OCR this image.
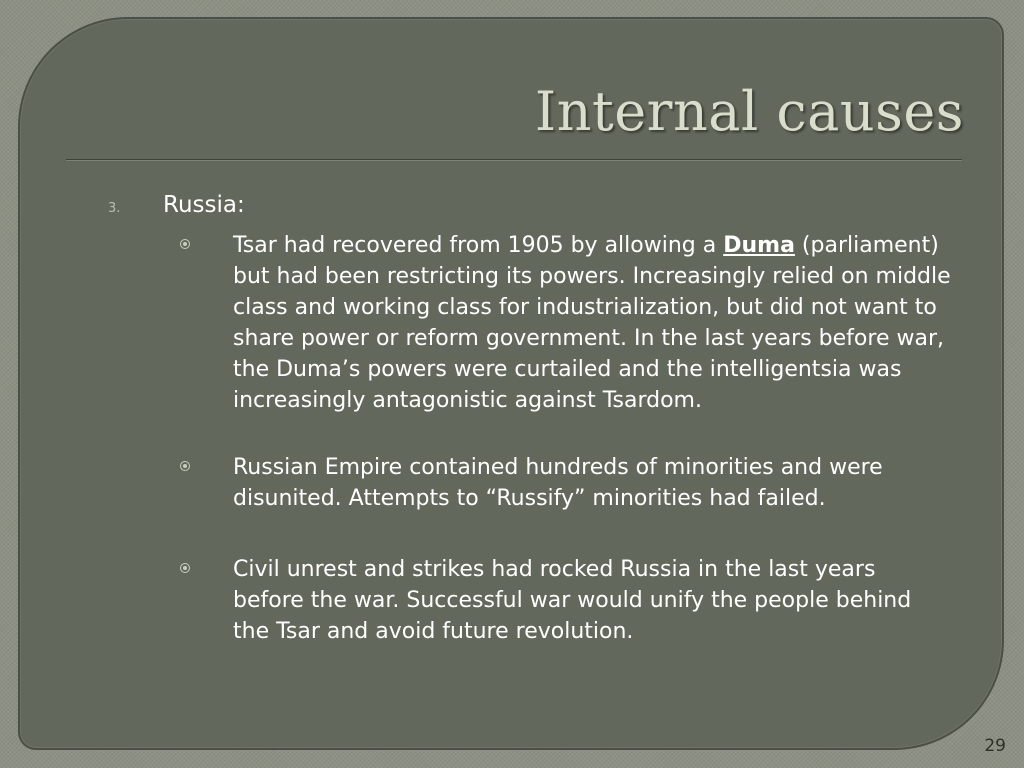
Internal causes
3. Russia:
Tsar had recovered from 1905 by allowing a Duma (parliament) but had been restricting its powers. Increasingly relied on middle class and working class for industrialization, but did not want to share power or reform government. In the last years before war, the Duma’s powers were curtailed and the intelligentsia was increasingly antagonistic against Tsardom.
Russian Empire contained hundreds of minorities and were disunited. Attempts to “Russify” minorities had failed.
Civil unrest and strikes had rocked Russia in the last years before the war. Successful war would unify the people behind the Tsar and avoid future revolution.
29
